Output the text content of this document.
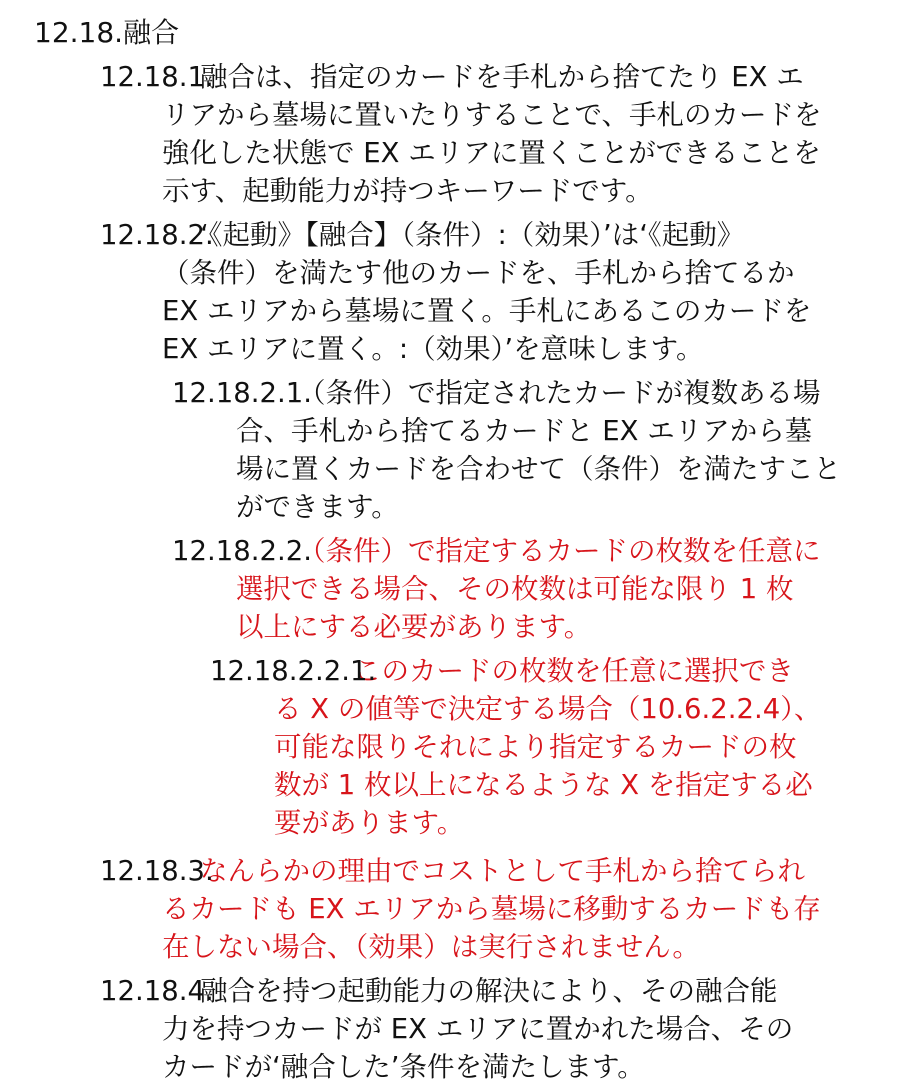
12.18.融合
12.18.1.
融合は、指定のカードを手札から捨てたり EX エ
リアから墓場に置いたりすることで、手札のカードを
強化した状態で EX エリアに置くことができることを
示す、起動能力が持つキーワードです。
12.18.2.
‘《起動》【融合】（条件）:（効果）’は‘《起動》
（条件）を満たす他のカードを、手札から捨てるか
EX エリアから墓場に置く。手札にあるこのカードを
EX エリアに置く。:（効果）’を意味します。
12.18.2.1.
（条件）で指定されたカードが複数ある場
合、手札から捨てるカードと EX エリアから墓
場に置くカードを合わせて（条件）を満たすこと
ができます。
12.18.2.2.
（条件）で指定するカードの枚数を任意に
選択できる場合、その枚数は可能な限り 1 枚
以上にする必要があります。
12.18.2.2.1.
このカードの枚数を任意に選択でき
る X の値等で決定する場合（10.6.2.2.4）、
可能な限りそれにより指定するカードの枚
数が 1 枚以上になるような X を指定する必
要があります。
12.18.3.
なんらかの理由でコストとして手札から捨てられ
るカードも EX エリアから墓場に移動するカードも存
在しない場合、（効果）は実行されません。
12.18.4.
融合を持つ起動能力の解決により、その融合能
力を持つカードが EX エリアに置かれた場合、その
カードが‘融合した’条件を満たします。
